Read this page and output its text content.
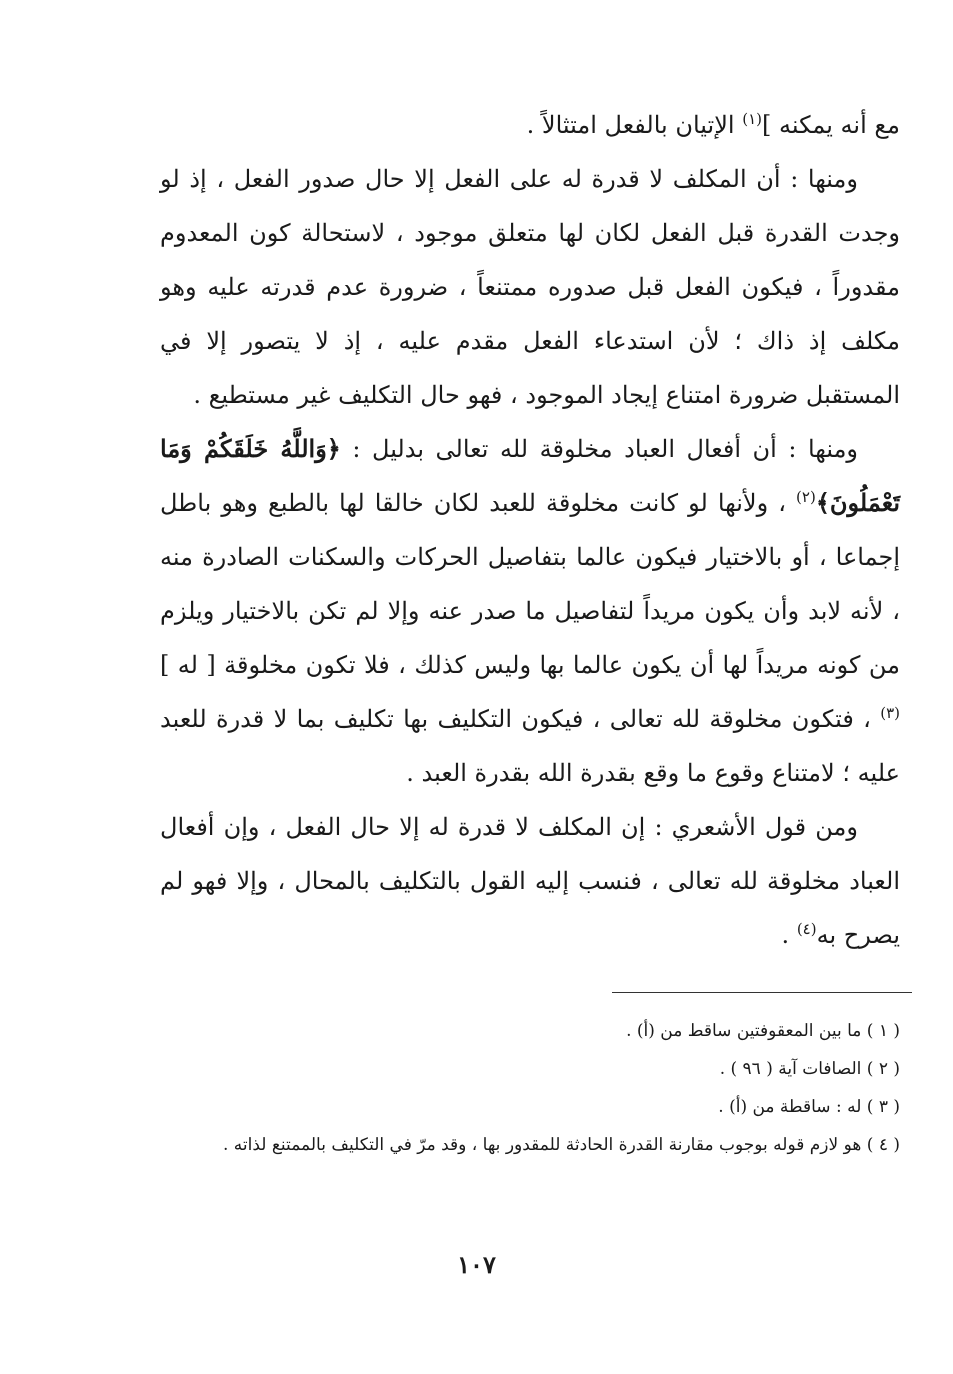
مع أنه يمكنه ]$^{(١)}$ الإتيان بالفعل امتثالاً .

ومنها : أن المكلف لا قدرة له على الفعل إلا حال صدور الفعل ، إذ لو وجدت القدرة قبل الفعل لكان لها متعلق موجود ، لاستحالة كون المعدوم مقدوراً ، فيكون الفعل قبل صدوره ممتنعاً ، ضرورة عدم قدرته عليه وهو مكلف إذ ذاك ؛ لأن استدعاء الفعل مقدم عليه ، إذ لا يتصور إلا في المستقبل ضرورة امتناع إيجاد الموجود ، فهو حال التكليف غير مستطيع .

ومنها : أن أفعال العباد مخلوقة لله تعالى بدليل : ﴿وَاللَّهُ خَلَقَكُمْ وَمَا تَعْمَلُونَ﴾$^{(٢)}$ ، ولأنها لو كانت مخلوقة للعبد لكان خالقا لها بالطبع وهو باطل إجماعا ، أو بالاختيار فيكون عالما بتفاصيل الحركات والسكنات الصادرة منه ، لأنه لابد وأن يكون مريداً لتفاصيل ما صدر عنه وإلا لم تكن بالاختيار ويلزم من كونه مريداً لها أن يكون عالما بها وليس كذلك ، فلا تكون مخلوقة [ له ]$^{(٣)}$ ، فتكون مخلوقة لله تعالى ، فيكون التكليف بها تكليف بما لا قدرة للعبد عليه ؛ لامتناع وقوع ما وقع بقدرة الله بقدرة العبد .

ومن قول الأشعري : إن المكلف لا قدرة له إلا حال الفعل ، وإن أفعال العباد مخلوقة لله تعالى ، فنسب إليه القول بالتكليف بالمحال ، وإلا فهو لم يصرح به$^{(٤)}$ .

( ١ ) ما بين المعقوفتين ساقط من (أ) .

( ٢ ) الصافات آية ( ٩٦ ) .

( ٣ ) له : ساقطة من (أ) .

( ٤ ) هو لازم قوله بوجوب مقارنة القدرة الحادثة للمقدور بها ، وقد مرّ في التكليف بالممتنع لذاته .

١٠٧
